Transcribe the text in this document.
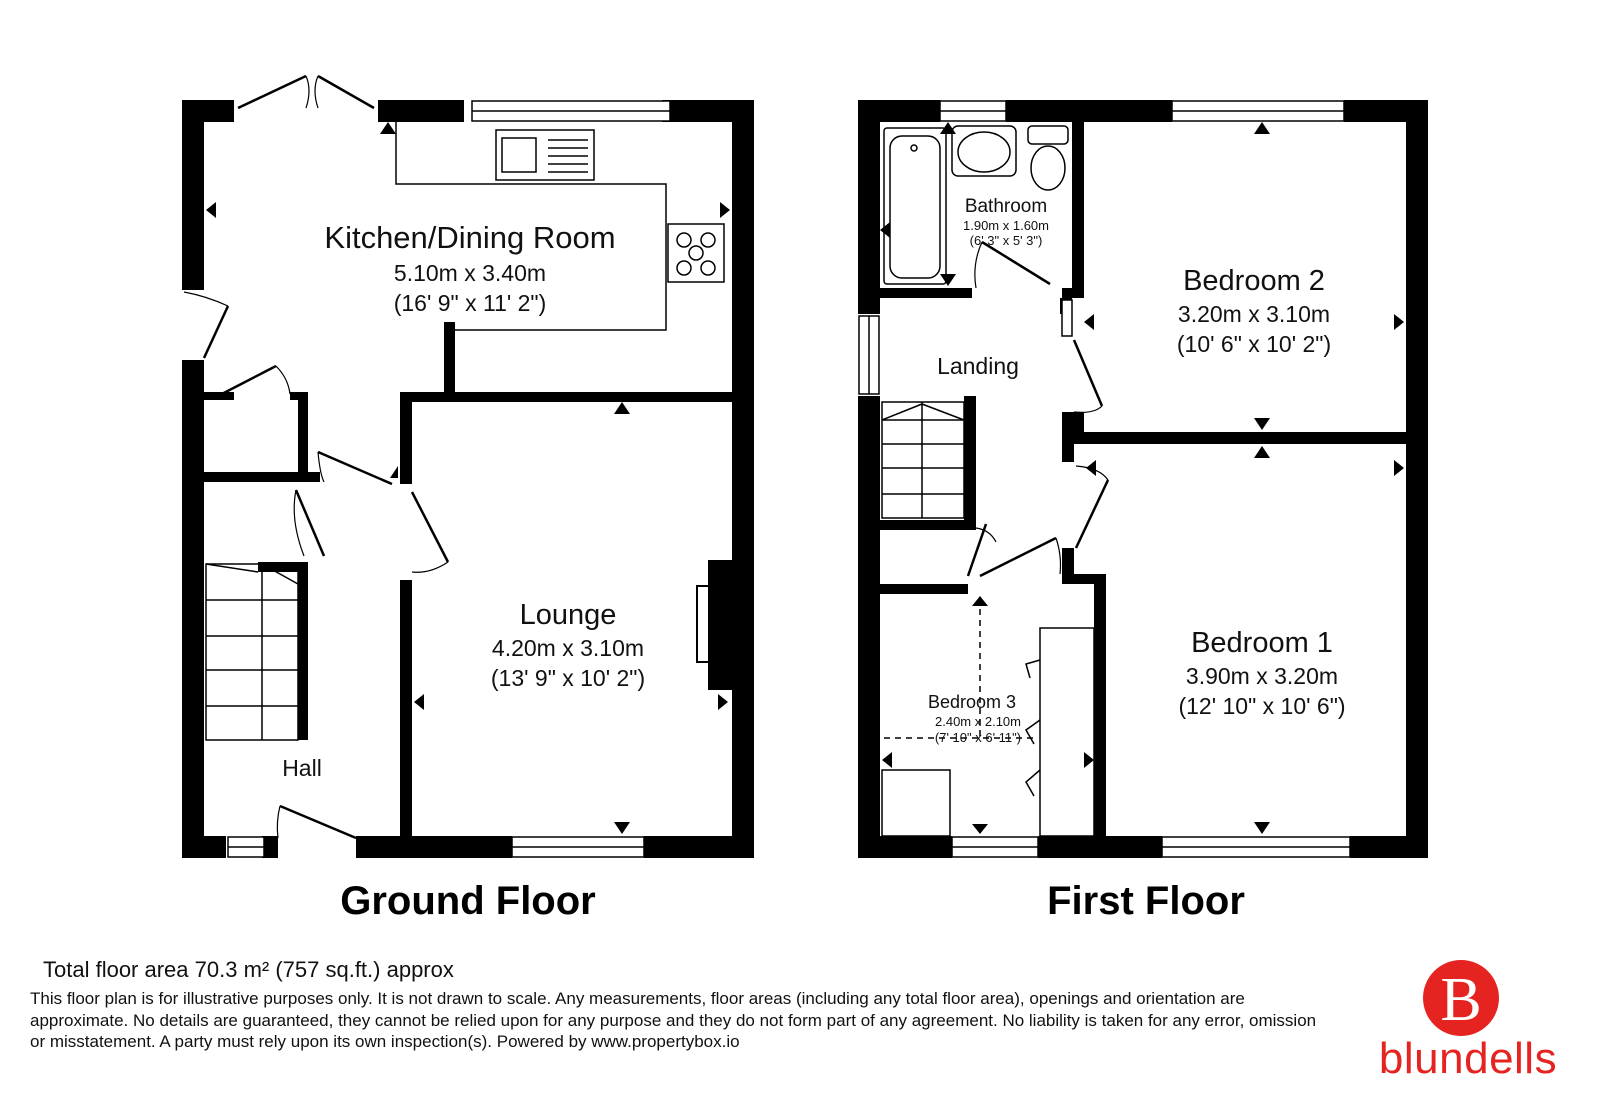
Kitchen/Dining Room
5.10m x 3.40m
(16' 9" x 11' 2")
Lounge
4.20m x 3.10m
(13' 9" x 10' 2")
Hall
Ground Floor
Bathroom
1.90m x 1.60m
(6' 3" x 5' 3")
Bedroom 2
3.20m x 3.10m
(10' 6" x 10' 2")
Landing
Bedroom 3
2.40m x 2.10m
(7' 10" x 6' 11")
Bedroom 1
3.90m x 3.20m
(12' 10" x 10' 6")
First Floor
Total floor area 70.3 m² (757 sq.ft.) approx
This floor plan is for illustrative purposes only. It is not drawn to scale. Any measurements, floor areas (including any total floor area), openings and orientation are approximate. No details are guaranteed, they cannot be relied upon for any purpose and they do not form part of any agreement. No liability is taken for any error, omission or misstatement. A party must rely upon its own inspection(s). Powered by www.propertybox.io
B
blundells
